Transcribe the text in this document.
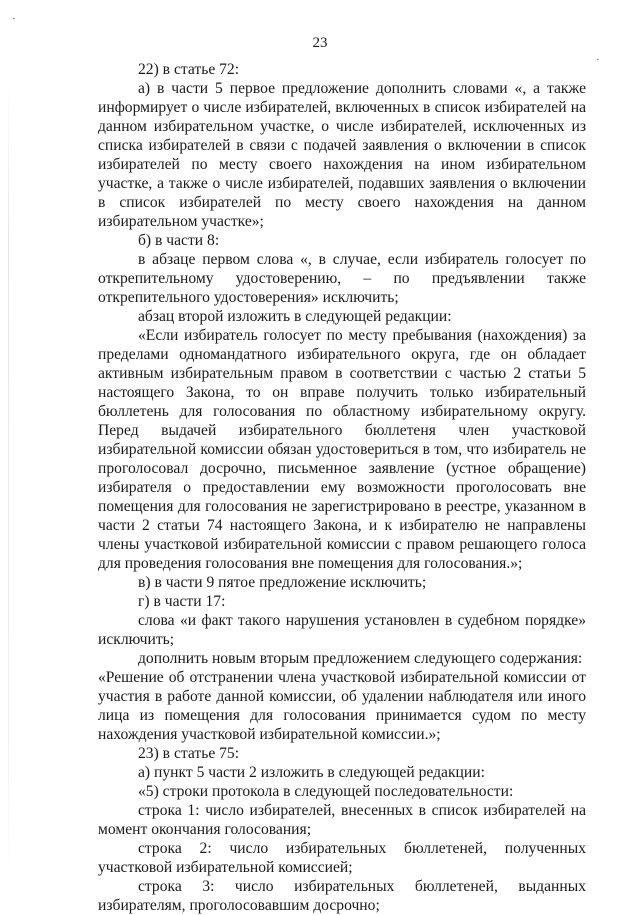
·
·
23

22) в статье 72:

а) в части 5 первое предложение дополнить словами «, а также информирует о числе избирателей, включенных в список избирателей на данном избирательном участке, о числе избирателей, исключенных из списка избирателей в связи с подачей заявления о включении в список избирателей по месту своего нахождения на ином избирательном участке, а также о числе избирателей, подавших заявления о включении в список избирателей по месту своего нахождения на данном избирательном участке»;

б) в части 8:

в абзаце первом слова «, в случае, если избиратель голосует по открепительному удостоверению, – по предъявлении также открепительного удостоверения» исключить;

абзац второй изложить в следующей редакции:

«Если избиратель голосует по месту пребывания (нахождения) за пределами одномандатного избирательного округа, где он обладает активным избирательным правом в соответствии с частью 2 статьи 5 настоящего Закона, то он вправе получить только избирательный бюллетень для голосования по областному избирательному округу. Перед выдачей избирательного бюллетеня член участковой избирательной комиссии обязан удостовериться в том, что избиратель не проголосовал досрочно, письменное заявление (устное обращение) избирателя о предоставлении ему возможности проголосовать вне помещения для голосования не зарегистрировано в реестре, указанном в части 2 статьи 74 настоящего Закона, и к избирателю не направлены члены участковой избирательной комиссии с правом решающего голоса для проведения голосования вне помещения для голосования.»;

в) в части 9 пятое предложение исключить;

г) в части 17:

слова «и факт такого нарушения установлен в судебном порядке» исключить;

дополнить новым вторым предложением следующего содержания:

«Решение об отстранении члена участковой избирательной комиссии от участия в работе данной комиссии, об удалении наблюдателя или иного лица из помещения для голосования принимается судом по месту нахождения участковой избирательной комиссии.»;

23) в статье 75:

а) пункт 5 части 2 изложить в следующей редакции:

«5) строки протокола в следующей последовательности:

строка 1: число избирателей, внесенных в список избирателей на момент окончания голосования;

строка 2: число избирательных бюллетеней, полученных участковой избирательной комиссией;

строка 3: число избирательных бюллетеней, выданных избирателям, проголосовавшим досрочно;
